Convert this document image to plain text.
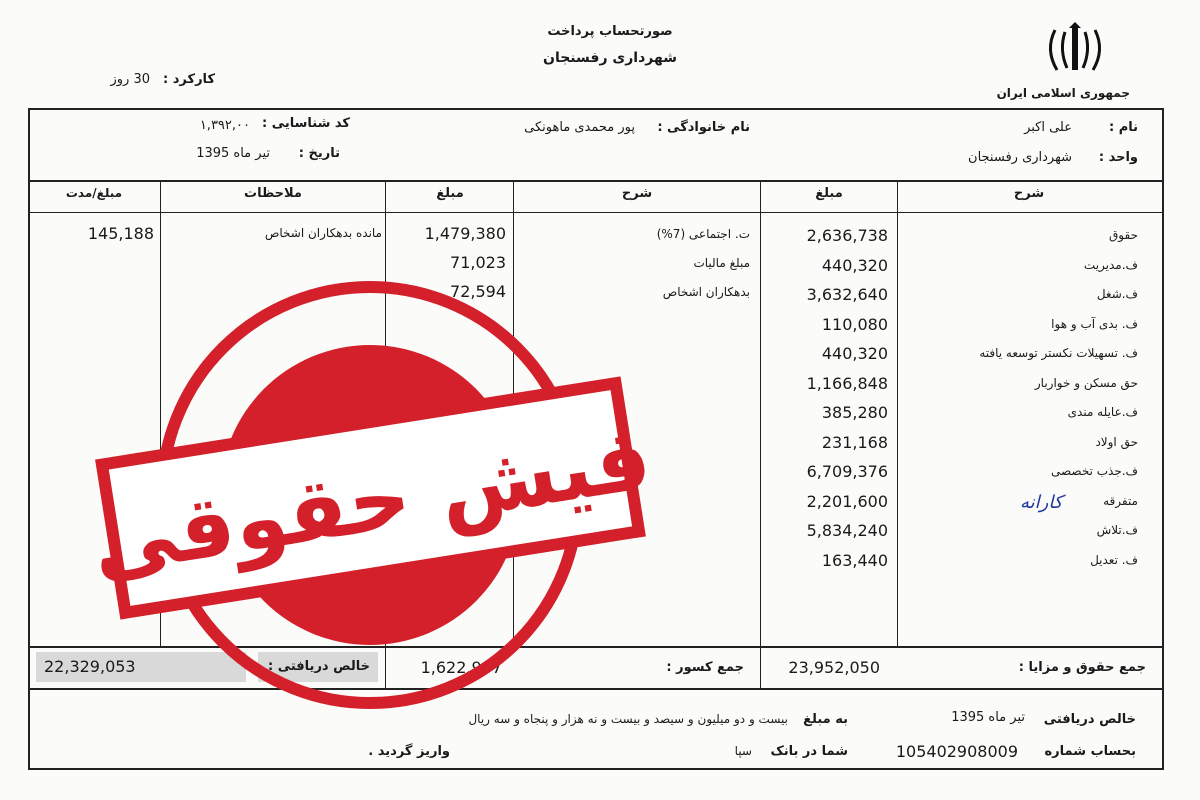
جمهوری اسلامی ایران
صورتحساب پرداخت
شهرداری رفسنجان
کارکرد :
30 روز
نام :
علی اکبر
واحد :
شهرداری رفسنجان
نام خانوادگی :
پور محمدی ماهونکی
کد شناسایی :
۱,۳۹۲,۰۰
تاریخ :
تیر ماه 1395
شرح
مبلغ
شرح
مبلغ
ملاحظات
مبلغ/مدت
حقوق
2,636,738
ف.مدیریت
440,320
ف.شغل
3,632,640
ف. بدی آب و هوا
110,080
ف. تسهیلات نکستر توسعه یافته
440,320
حق مسکن و خواربار
1,166,848
ف.عایله مندی
385,280
حق اولاد
231,168
ف.جذب تخصصی
6,709,376
متفرقه
2,201,600
ف.تلاش
5,834,240
ف. تعدیل
163,440
ت. اجتماعی (7%)
1,479,380
مبلغ مالیات
71,023
بدهکاران اشخاص
72,594
مانده بدهکاران اشخاص
145,188
کارانه
جمع حقوق و مزایا :
23,952,050
جمع کسور :
1,622,997
خالص دریافتی :
22,329,053
خالص دریافتی
تیر ماه 1395
به مبلغ
بیست و دو میلیون و سیصد و بیست و نه هزار و پنجاه و سه ریال
بحساب شماره
105402908009
شما در بانک
سپا
واریز گردید .
فیش حقوقی
